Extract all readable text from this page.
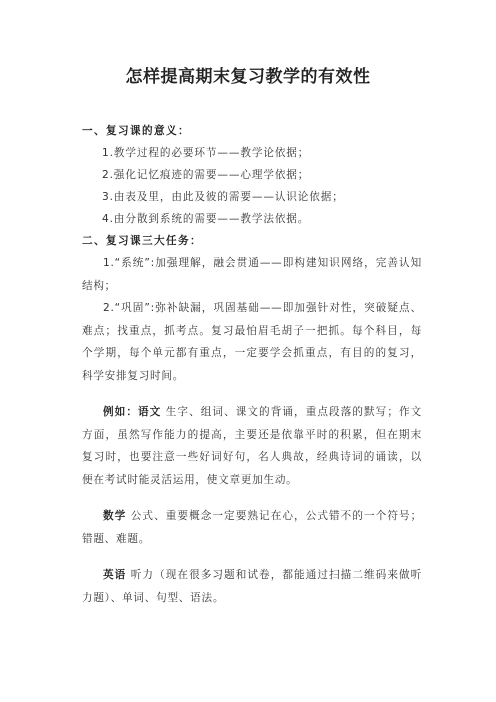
怎样提高期末复习教学的有效性
一、复习课的意义：
1.教学过程的必要环节——教学论依据；
2.强化记忆痕迹的需要——心理学依据；
3.由表及里，由此及彼的需要——认识论依据；
4.由分散到系统的需要——教学法依据。
二、复习课三大任务：
1.“系统”:加强理解，融会贯通——即构建知识网络，完善认知结构；
2.“巩固”:弥补缺漏，巩固基础——即加强针对性，突破疑点、难点；找重点，抓考点。复习最怕眉毛胡子一把抓。每个科目，每个学期，每个单元都有重点，一定要学会抓重点，有目的的复习，科学安排复习时间。
例如：语文 生字、组词、课文的背诵，重点段落的默写；作文方面，虽然写作能力的提高，主要还是依靠平时的积累，但在期末复习时，也要注意一些好词好句，名人典故，经典诗词的诵读，以便在考试时能灵活运用，使文章更加生动。
数学 公式、重要概念一定要熟记在心，公式错不的一个符号；错题、难题。
英语 听力（现在很多习题和试卷，都能通过扫描二维码来做听力题）、单词、句型、语法。
